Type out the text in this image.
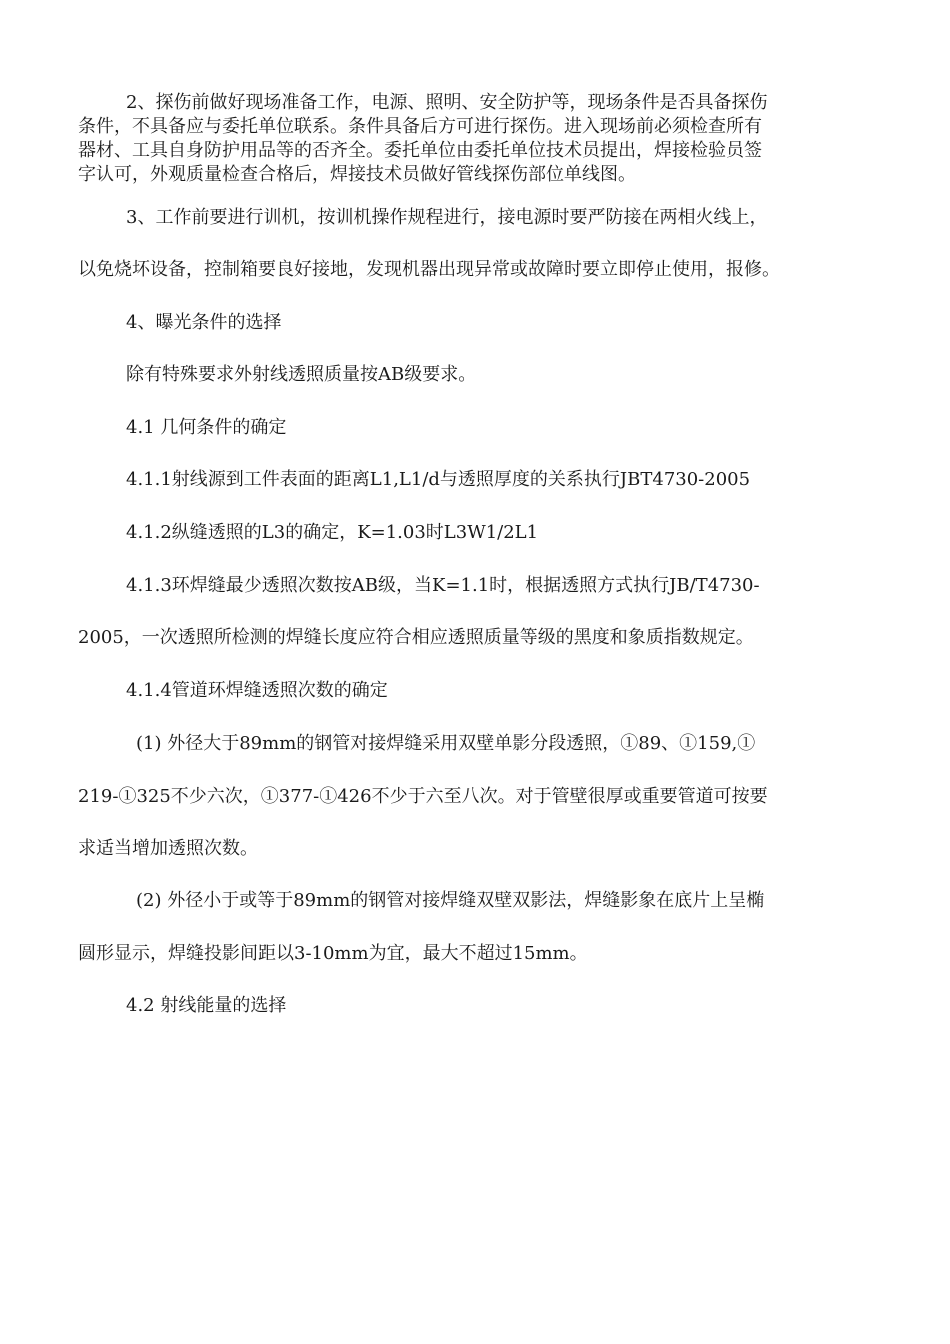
2、探伤前做好现场准备工作，电源、照明、安全防护等，现场条件是否具备探伤
条件，不具备应与委托单位联系。条件具备后方可进行探伤。进入现场前必须检查所有
器材、工具自身防护用品等的否齐全。委托单位由委托单位技术员提出，焊接检验员签
字认可，外观质量检查合格后，焊接技术员做好管线探伤部位单线图。
3、工作前要进行训机，按训机操作规程进行，接电源时要严防接在两相火线上，
以免烧坏设备，控制箱要良好接地，发现机器出现异常或故障时要立即停止使用，报修。
4、曝光条件的选择
除有特殊要求外射线透照质量按AB级要求。
4.1 几何条件的确定
4.1.1射线源到工件表面的距离L1,L1/d与透照厚度的关系执行JBT4730-2005
4.1.2纵缝透照的L3的确定，K=1.03时L3W1/2L1
4.1.3环焊缝最少透照次数按AB级，当K=1.1时，根据透照方式执行JB/T4730-
2005，一次透照所检测的焊缝长度应符合相应透照质量等级的黑度和象质指数规定。
4.1.4管道环焊缝透照次数的确定
(1) 外径大于89mm的钢管对接焊缝采用双壁单影分段透照，①89、①159,①
219-①325不少六次，①377-①426不少于六至八次。对于管壁很厚或重要管道可按要
求适当增加透照次数。
(2) 外径小于或等于89mm的钢管对接焊缝双壁双影法，焊缝影象在底片上呈椭
圆形显示，焊缝投影间距以3-10mm为宜，最大不超过15mm。
4.2 射线能量的选择
